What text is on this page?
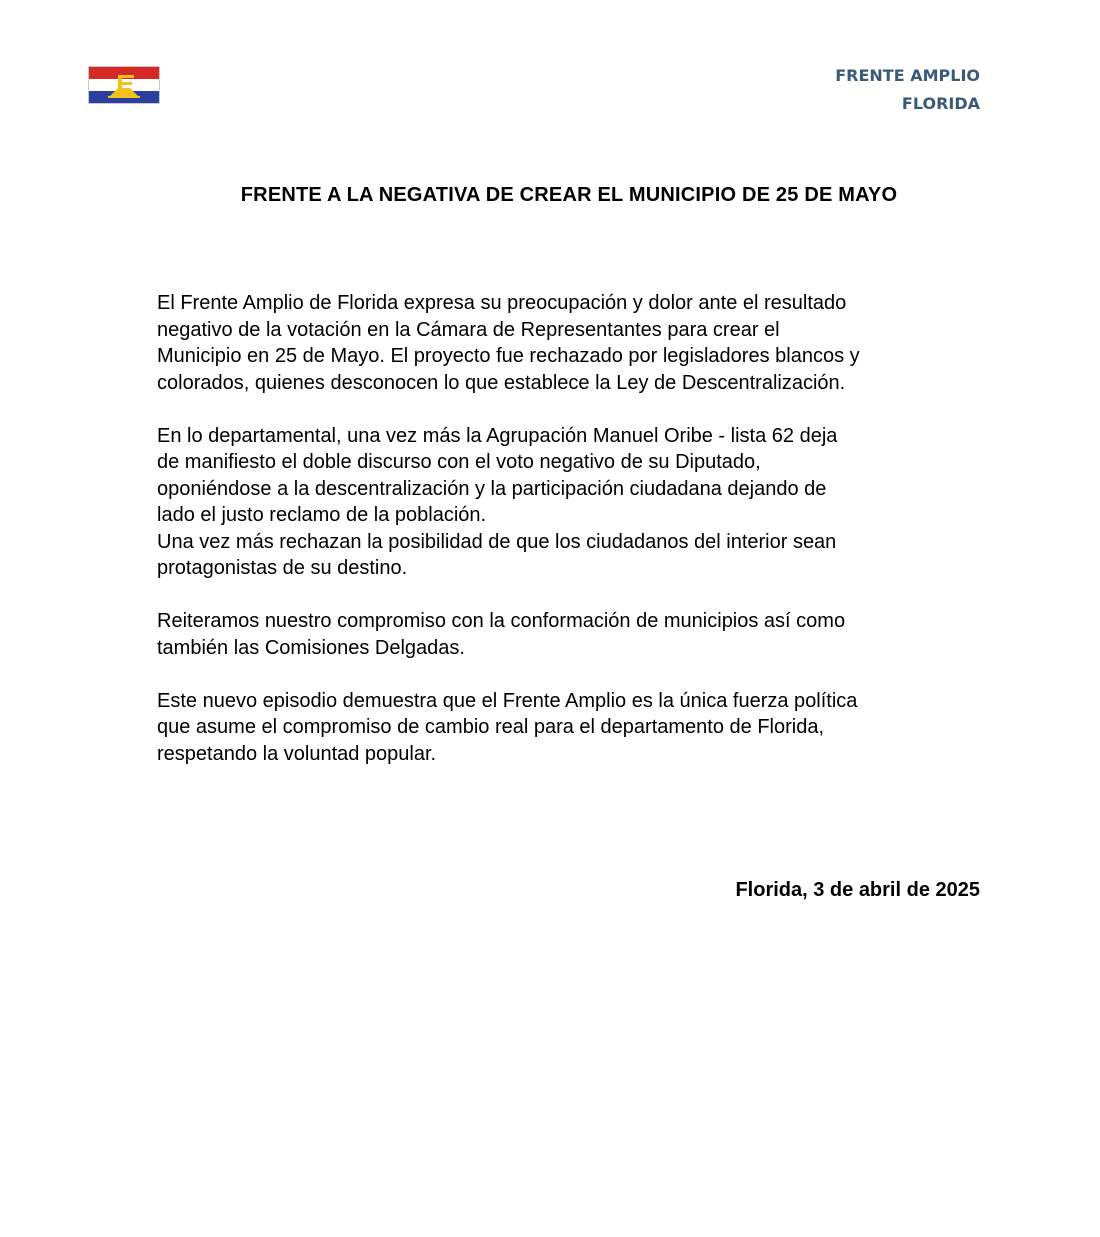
FRENTE AMPLIO
FLORIDA
FRENTE A LA NEGATIVA DE CREAR EL MUNICIPIO DE 25 DE MAYO

El Frente Amplio de Florida expresa su preocupación y dolor ante el resultado
negativo de la votación en la Cámara de Representantes para crear el
Municipio en 25 de Mayo. El proyecto fue rechazado por legisladores blancos y
colorados, quienes desconocen lo que establece la Ley de Descentralización.

En lo departamental, una vez más la Agrupación Manuel Oribe - lista 62 deja
de manifiesto el doble discurso con el voto negativo de su Diputado,
oponiéndose a la descentralización y la participación ciudadana dejando de
lado el justo reclamo de la población.
Una vez más rechazan la posibilidad de que los ciudadanos del interior sean
protagonistas de su destino.

Reiteramos nuestro compromiso con la conformación de municipios así como
también las Comisiones Delgadas.

Este nuevo episodio demuestra que el Frente Amplio es la única fuerza política
que asume el compromiso de cambio real para el departamento de Florida,
respetando la voluntad popular.

Florida, 3 de abril de 2025
